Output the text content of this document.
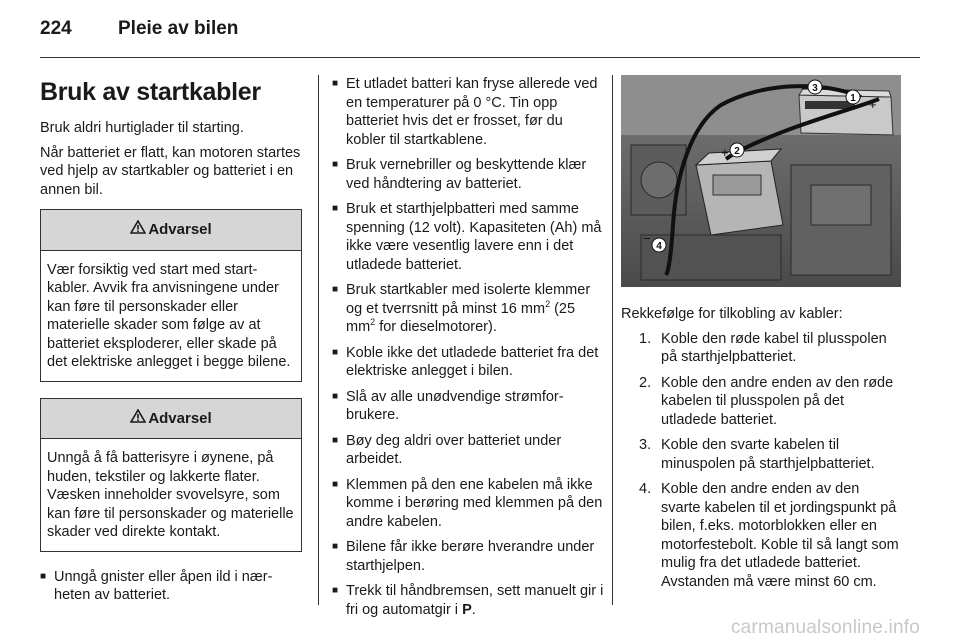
224 Pleie av bilen
Bruk av startkabler

Bruk aldri hurtiglader til starting.

Når batteriet er flatt, kan motoren startes ved hjelp av startkabler og batteriet i en annen bil.

Advarsel
Vær forsiktig ved start med startkabler. Avvik fra anvisningene under kan føre til personskader eller materielle skader som følge av at batteriet eksploderer, eller skade på det elektriske anlegget i begge bilene.
Advarsel
Unngå å få batterisyre i øynene, på huden, tekstiler og lakkerte flater. Væsken inneholder svovelsyre, som kan føre til personskader og materielle skader ved direkte kontakt.
■ Unngå gnister eller åpen ild i nærheten av batteriet.
■ Et utladet batteri kan fryse allerede ved en temperaturer på 0 °C. Tin opp batteriet hvis det er frosset, før du kobler til startkablene.
■ Bruk vernebriller og beskyttende klær ved håndtering av batteriet.
■ Bruk et starthjelpbatteri med samme spenning (12 volt). Kapasiteten (Ah) må ikke være vesentlig lavere enn i det utladede batteriet.
■ Bruk startkabler med isolerte klemmer og et tverrsnitt på minst 16 $mm^2$ (25 $mm^2$ for dieselmotorer).
■ Koble ikke det utladede batteriet fra det elektriske anlegget i bilen.
■ Slå av alle unødvendige strømforbrukere.
■ Bøy deg aldri over batteriet under arbeidet.
■ Klemmen på den ene kabelen må ikke komme i berøring med klemmen på den andre kabelen.
■ Bilene får ikke berøre hverandre under starthjelpen.
■ Trekk til håndbremsen, sett manuelt gir i fri og automatgir i P.
1
2
3
4
+
+
−
−

Rekkefølge for tilkobling av kabler:

1. Koble den røde kabel til plusspolen på starthjelpbatteriet.
2. Koble den andre enden av den røde kabelen til plusspolen på det utladede batteriet.
3. Koble den svarte kabelen til minuspolen på starthjelpbatteriet.
4. Koble den andre enden av den svarte kabelen til et jordingspunkt på bilen, f.eks. motorblokken eller en motorfestebolt. Koble til så langt som mulig fra det utladede batteriet. Avstanden må være minst 60 cm.
carmanualsonline.info
